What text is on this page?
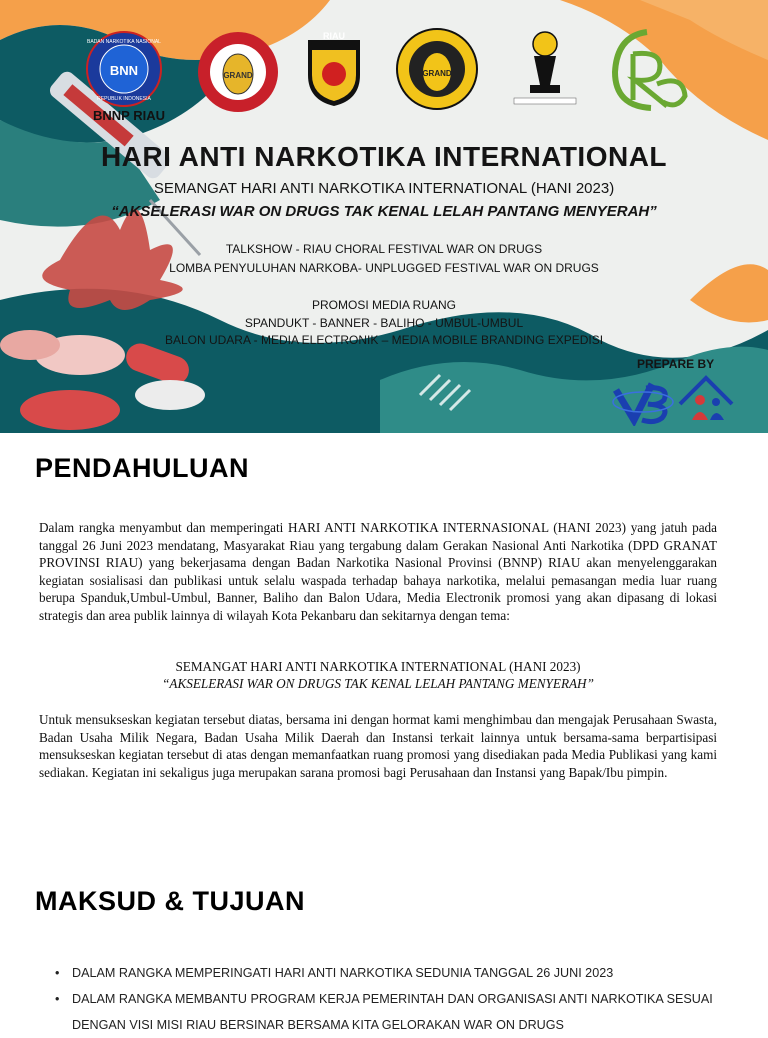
BNN
BADAN NARKOTIKA NASIONAL
REPUBLIK INDONESIA
BNNP RIAU
GRAND
RIAU
GRAND
HARI ANTI NARKOTIKA INTERNATIONAL
SEMANGAT HARI ANTI NARKOTIKA INTERNATIONAL (HANI 2023)
“AKSELERASI WAR ON DRUGS TAK KENAL LELAH PANTANG MENYERAH”
TALKSHOW - RIAU CHORAL FESTIVAL WAR ON DRUGS
LOMBA PENYULUHAN NARKOBA- UNPLUGGED FESTIVAL WAR ON DRUGS
PROMOSI MEDIA RUANG
SPANDUKT - BANNER - BALIHO - UMBUL-UMBUL
BALON UDARA - MEDIA ELECTRONIK – MEDIA MOBILE BRANDING EXPEDISI
PREPARE BY
PENDAHULUAN
Dalam rangka menyambut dan memperingati HARI ANTI NARKOTIKA INTERNASIONAL (HANI 2023) yang jatuh pada tanggal 26 Juni 2023 mendatang, Masyarakat Riau yang tergabung dalam Gerakan Nasional Anti Narkotika (DPD GRANAT PROVINSI RIAU) yang bekerjasama dengan Badan Narkotika Nasional Provinsi (BNNP) RIAU akan menyelenggarakan kegiatan sosialisasi dan publikasi untuk selalu waspada terhadap bahaya narkotika, melalui pemasangan media luar ruang berupa Spanduk,Umbul-Umbul, Banner, Baliho dan Balon Udara, Media Electronik promosi yang akan dipasang di lokasi strategis dan area publik lainnya di wilayah Kota Pekanbaru dan sekitarnya dengan tema:
SEMANGAT HARI ANTI NARKOTIKA INTERNATIONAL (HANI 2023)
“AKSELERASI WAR ON DRUGS TAK KENAL LELAH PANTANG MENYERAH”
Untuk mensukseskan kegiatan tersebut diatas, bersama ini dengan hormat kami menghimbau dan mengajak Perusahaan Swasta, Badan Usaha Milik Negara, Badan Usaha Milik Daerah dan Instansi terkait lainnya untuk bersama-sama berpartisipasi mensukseskan kegiatan tersebut di atas dengan memanfaatkan ruang promosi yang disediakan pada Media Publikasi yang kami sediakan. Kegiatan ini sekaligus juga merupakan sarana promosi bagi Perusahaan dan Instansi yang Bapak/Ibu pimpin.
MAKSUD & TUJUAN
• DALAM RANGKA MEMPERINGATI HARI ANTI NARKOTIKA SEDUNIA TANGGAL 26 JUNI 2023
• DALAM RANGKA MEMBANTU PROGRAM KERJA PEMERINTAH DAN ORGANISASI ANTI NARKOTIKA SESUAI DENGAN VISI MISI RIAU BERSINAR BERSAMA KITA GELORAKAN WAR ON DRUGS
